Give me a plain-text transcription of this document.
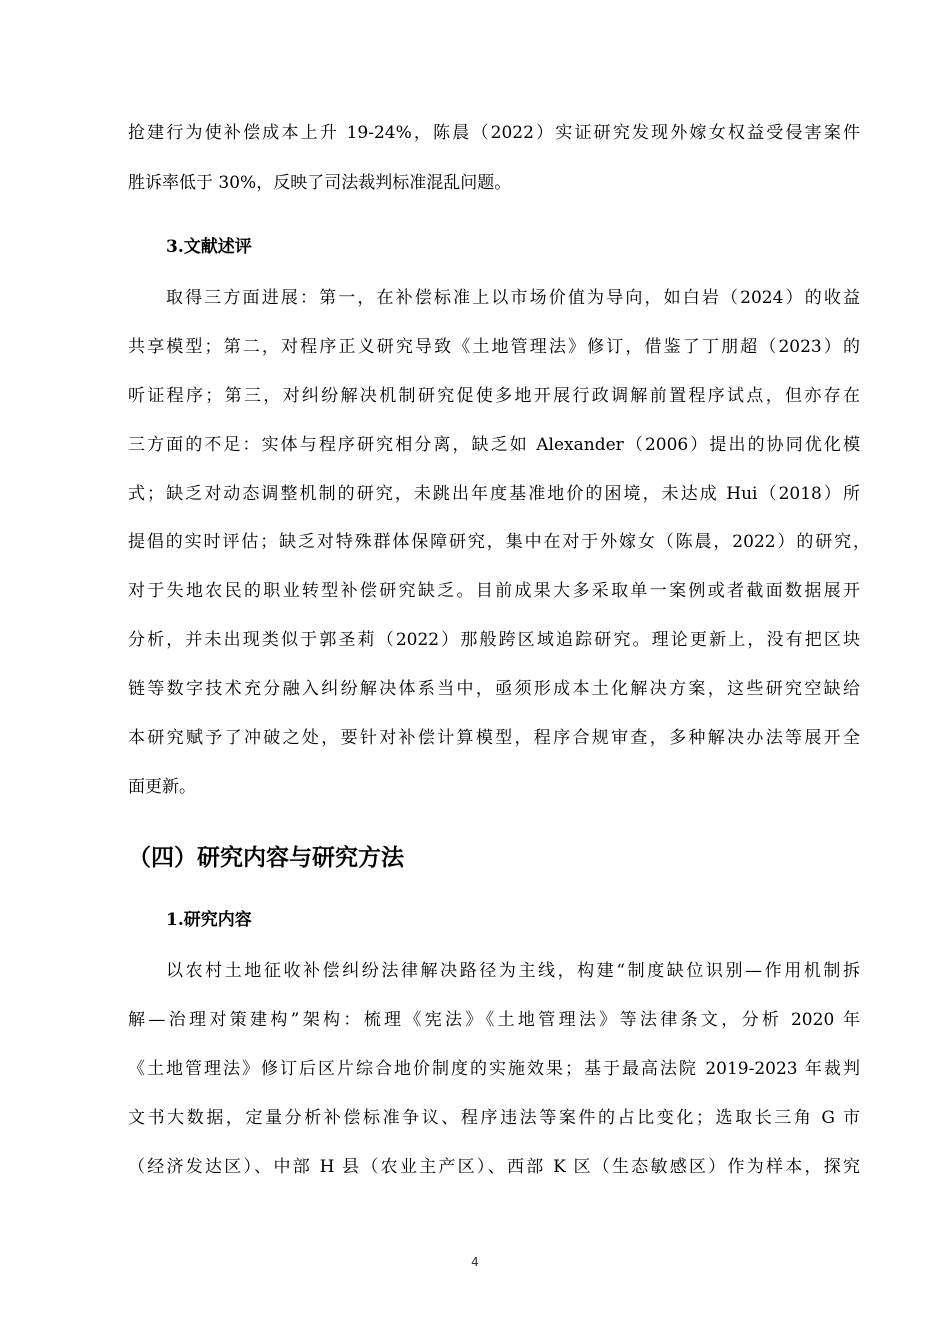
抢建行为使补偿成本上升 19-24%，陈晨（2022）实证研究发现外嫁女权益受侵害案件
胜诉率低于 30%，反映了司法裁判标准混乱问题。
3.文献述评
取得三方面进展：第一，在补偿标准上以市场价值为导向，如白岩（2024）的收益
共享模型；第二，对程序正义研究导致《土地管理法》修订，借鉴了丁朋超（2023）的
听证程序；第三，对纠纷解决机制研究促使多地开展行政调解前置程序试点，但亦存在
三方面的不足：实体与程序研究相分离，缺乏如 Alexander（2006）提出的协同优化模
式；缺乏对动态调整机制的研究，未跳出年度基准地价的困境，未达成 Hui（2018）所
提倡的实时评估；缺乏对特殊群体保障研究，集中在对于外嫁女（陈晨，2022）的研究，
对于失地农民的职业转型补偿研究缺乏。目前成果大多采取单一案例或者截面数据展开
分析，并未出现类似于郭圣莉（2022）那般跨区域追踪研究。理论更新上，没有把区块
链等数字技术充分融入纠纷解决体系当中，亟须形成本土化解决方案，这些研究空缺给
本研究赋予了冲破之处，要针对补偿计算模型，程序合规审查，多种解决办法等展开全
面更新。
（四）研究内容与研究方法
1.研究内容
以农村土地征收补偿纠纷法律解决路径为主线，构建“制度缺位识别—作用机制拆
解—治理对策建构”架构：梳理《宪法》《土地管理法》等法律条文，分析 2020 年
《土地管理法》修订后区片综合地价制度的实施效果；基于最高法院 2019-2023 年裁判
文书大数据，定量分析补偿标准争议、程序违法等案件的占比变化；选取长三角 G 市
（经济发达区）、中部 H 县（农业主产区）、西部 K 区（生态敏感区）作为样本，探究
4
